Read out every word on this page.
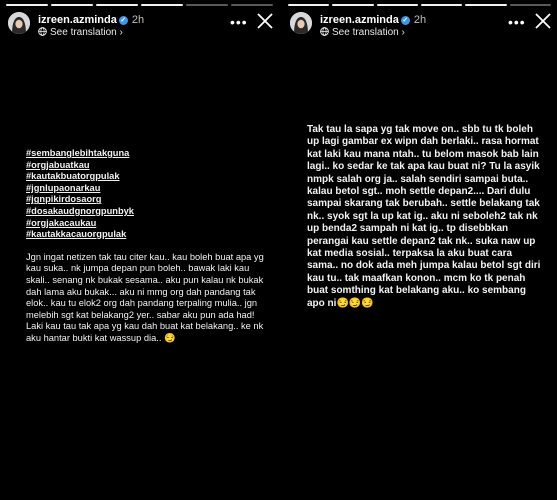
izreen.azminda ✓ 2h
See translation ›
•••
#sembanglebihtakguna
#orgjabuatkau
#kautakbuatorgpulak
#jgnlupaonarkau
#jgnpikirdosaorg
#dosakaudgnorgpunbyk
#orgjakacaukau
#kautakkacauorgpulak
Jgn ingat netizen tak tau citer kau.. kau boleh buat apa yg kau suka.. nk jumpa depan pun boleh.. bawak laki kau skali.. senang nk bukak sesama.. aku pun kalau nk bukak dah lama aku bukak... aku ni mmg org dah pandang tak elok.. kau tu elok2 org dah pandang terpaling mulia.. jgn melebih sgt kat belakang2 yer.. sabar aku pun ada had! Laki kau tau tak apa yg kau dah buat kat belakang.. ke nk aku hantar bukti kat wassup dia.. 😏
izreen.azminda ✓ 2h
See translation ›
•••
Tak tau la sapa yg tak move on.. sbb tu tk boleh up lagi gambar ex wipn dah berlaki.. rasa hormat kat laki kau mana ntah.. tu belom masok bab lain lagi.. ko sedar ke tak apa kau buat ni? Tu la asyik nmpk salah org ja.. salah sendiri sampai buta.. kalau betol sgt.. moh settle depan2.... Dari dulu sampai skarang tak berubah.. settle belakang tak nk.. syok sgt la up kat ig.. aku ni seboleh2 tak nk up benda2 sampah ni kat ig.. tp disebbkan perangai kau settle depan2 tak nk.. suka naw up kat media sosial.. terpaksa la aku buat cara sama.. no dok ada meh jumpa kalau betol sgt diri kau tu.. tak maafkan konon.. mcm ko tk penah buat somthing kat belakang aku.. ko sembang apo ni😏😏😏
